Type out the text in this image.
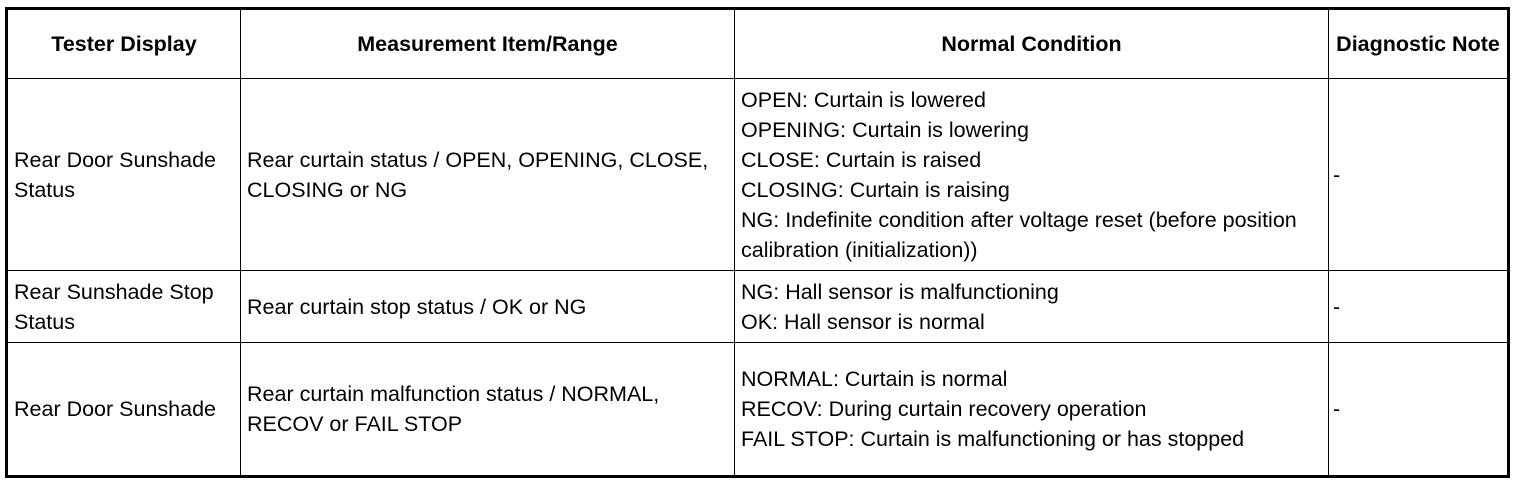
Tester Display	Measurement Item/Range	Normal Condition	Diagnostic Note
Rear Door Sunshade Status	Rear curtain status / OPEN, OPENING, CLOSE, CLOSING or NG	OPEN: Curtain is lowered
OPENING: Curtain is lowering
CLOSE: Curtain is raised
CLOSING: Curtain is raising
NG: Indefinite condition after voltage reset (before position calibration (initialization))	-
Rear Sunshade Stop Status	Rear curtain stop status / OK or NG	NG: Hall sensor is malfunctioning
OK: Hall sensor is normal	-
Rear Door Sunshade	Rear curtain malfunction status / NORMAL, RECOV or FAIL STOP	NORMAL: Curtain is normal
RECOV: During curtain recovery operation
FAIL STOP: Curtain is malfunctioning or has stopped	-
